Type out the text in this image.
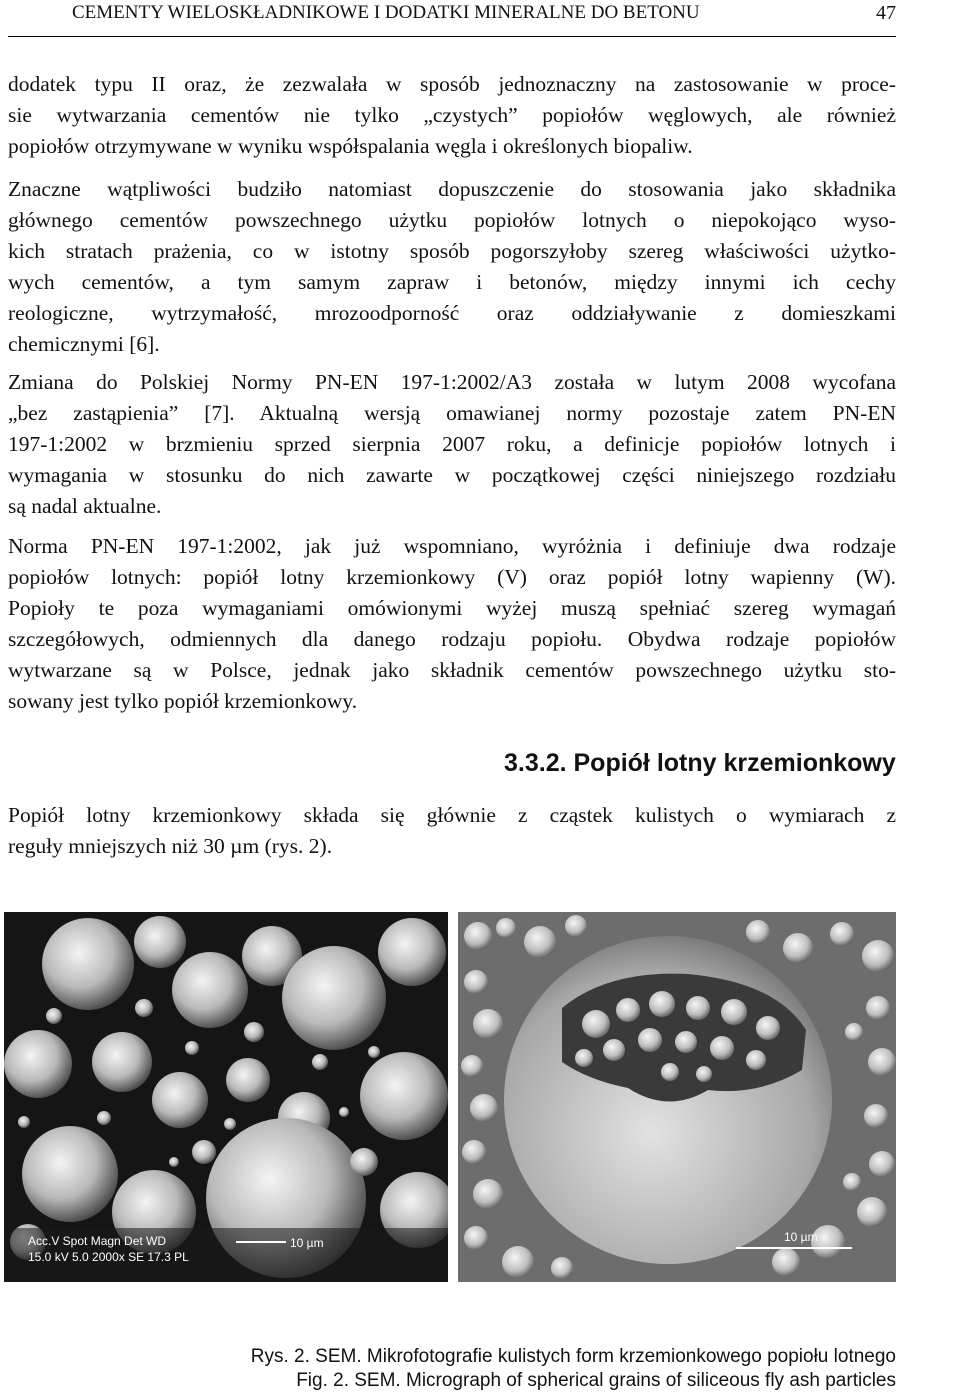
CEMENTY WIELOSKŁADNIKOWE I DODATKI MINERALNE DO BETONU	47

dodatek typu II oraz, że zezwalała w sposób jednoznaczny na zastosowanie w proce-
sie wytwarzania cementów nie tylko „czystych” popiołów węglowych, ale również
popiołów otrzymywane w wyniku współspalania węgla i określonych biopaliw.

Znaczne wątpliwości budziło natomiast dopuszczenie do stosowania jako składnika
głównego cementów powszechnego użytku popiołów lotnych o niepokojąco wyso-
kich stratach prażenia, co w istotny sposób pogorszyłoby szereg właściwości użytko-
wych cementów, a tym samym zapraw i betonów, między innymi ich cechy
reologiczne, wytrzymałość, mrozoodporność oraz oddziaływanie z domieszkami
chemicznymi [6].

Zmiana do Polskiej Normy PN-EN 197-1:2002/A3 została w lutym 2008 wycofana
„bez zastąpienia” [7]. Aktualną wersją omawianej normy pozostaje zatem PN-EN
197-1:2002 w brzmieniu sprzed sierpnia 2007 roku, a definicje popiołów lotnych i
wymagania w stosunku do nich zawarte w początkowej części niniejszego rozdziału
są nadal aktualne.

Norma PN-EN 197-1:2002, jak już wspomniano, wyróżnia i definiuje dwa rodzaje
popiołów lotnych: popiół lotny krzemionkowy (V) oraz popiół lotny wapienny (W).
Popioły te poza wymaganiami omówionymi wyżej muszą spełniać szereg wymagań
szczegółowych, odmiennych dla danego rodzaju popiołu. Obydwa rodzaje popiołów
wytwarzane są w Polsce, jednak jako składnik cementów powszechnego użytku sto-
sowany jest tylko popiół krzemionkowy.

3.3.2. Popiół lotny krzemionkowy

Popiół lotny krzemionkowy składa się głównie z cząstek kulistych o wymiarach z
reguły mniejszych niż 30 µm (rys. 2).

Acc.V Spot Magn Det WD
15.0 kV 5.0 2000x SE 17.3 PL
10 µm	10 µm
Rys. 2. SEM. Mikrofotografie kulistych form krzemionkowego popiołu lotnego
Fig. 2. SEM. Micrograph of spherical grains of siliceous fly ash particles
